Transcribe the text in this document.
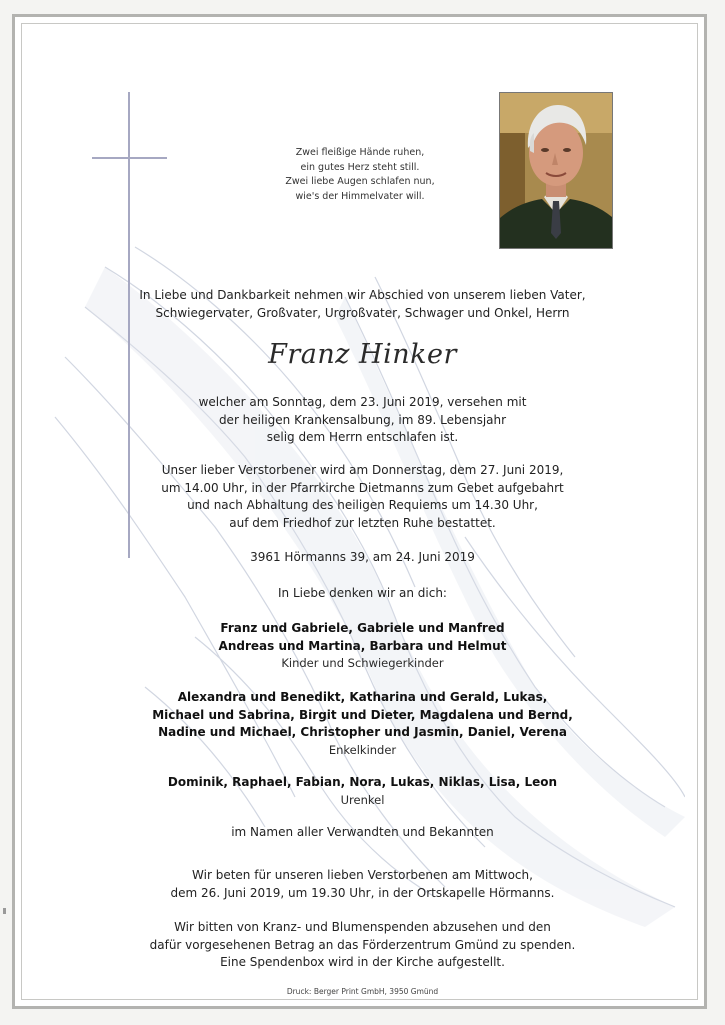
Zwei fleißige Hände ruhen,
ein gutes Herz steht still.
Zwei liebe Augen schlafen nun,
wie's der Himmelvater will.
In Liebe und Dankbarkeit nehmen wir Abschied von unserem lieben Vater,
Schwiegervater, Großvater, Urgroßvater, Schwager und Onkel, Herrn
Franz Hinker
welcher am Sonntag, dem 23. Juni 2019, versehen mit
der heiligen Krankensalbung, im 89. Lebensjahr
selig dem Herrn entschlafen ist.
Unser lieber Verstorbener wird am Donnerstag, dem 27. Juni 2019,
um 14.00 Uhr, in der Pfarrkirche Dietmanns zum Gebet aufgebahrt
und nach Abhaltung des heiligen Requiems um 14.30 Uhr,
auf dem Friedhof zur letzten Ruhe bestattet.
3961 Hörmanns 39, am 24. Juni 2019
In Liebe denken wir an dich:
Franz und Gabriele, Gabriele und Manfred
Andreas und Martina, Barbara und Helmut
Kinder und Schwiegerkinder
Alexandra und Benedikt, Katharina und Gerald, Lukas,
Michael und Sabrina, Birgit und Dieter, Magdalena und Bernd,
Nadine und Michael, Christopher und Jasmin, Daniel, Verena
Enkelkinder
Dominik, Raphael, Fabian, Nora, Lukas, Niklas, Lisa, Leon
Urenkel
im Namen aller Verwandten und Bekannten
Wir beten für unseren lieben Verstorbenen am Mittwoch,
dem 26. Juni 2019, um 19.30 Uhr, in der Ortskapelle Hörmanns.
Wir bitten von Kranz- und Blumenspenden abzusehen und den
dafür vorgesehenen Betrag an das Förderzentrum Gmünd zu spenden.
Eine Spendenbox wird in der Kirche aufgestellt.
Druck: Berger Print GmbH, 3950 Gmünd
